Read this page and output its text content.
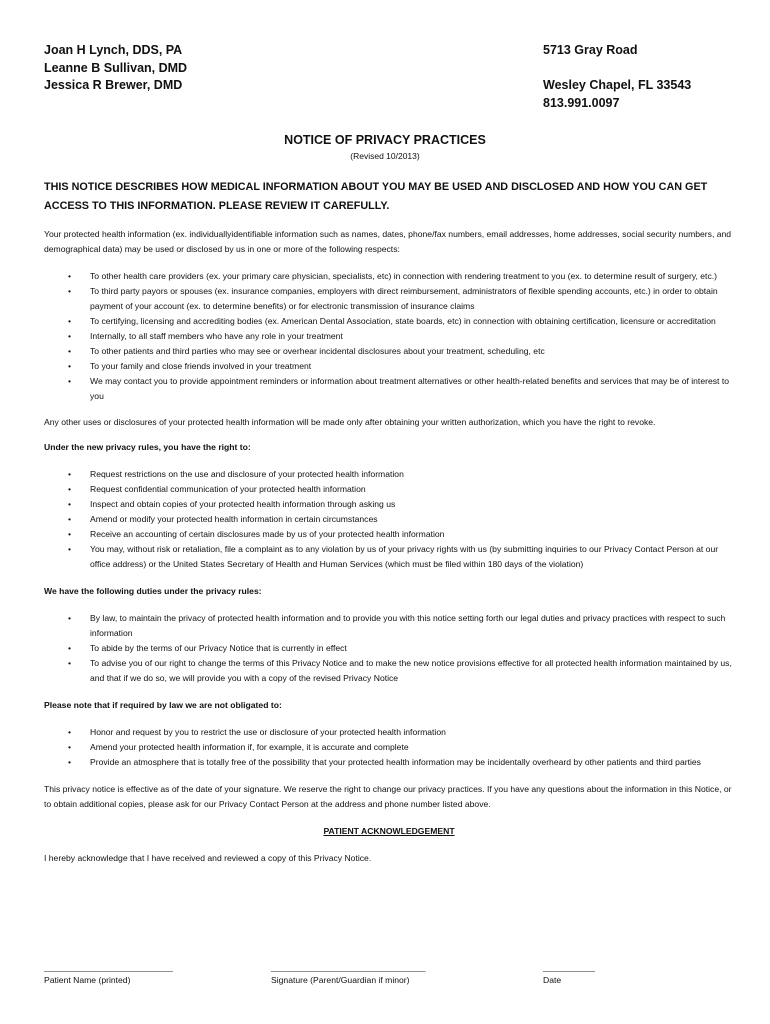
Joan H Lynch, DDS, PA
Leanne B Sullivan, DMD
Jessica R Brewer, DMD
5713 Gray Road
Wesley Chapel, FL 33543
813.991.0097
NOTICE OF PRIVACY PRACTICES
(Revised 10/2013)

THIS NOTICE DESCRIBES HOW MEDICAL INFORMATION ABOUT YOU MAY BE USED AND DISCLOSED AND HOW YOU CAN GET ACCESS TO THIS INFORMATION. PLEASE REVIEW IT CAREFULLY.

Your protected health information (ex. individuallyidentifiable information such as names, dates, phone/fax numbers, email addresses, home addresses, social security numbers, and demographical data) may be used or disclosed by us in one or more of the following respects:

• To other health care providers (ex. your primary care physician, specialists, etc) in connection with rendering treatment to you (ex. to determine result of surgery, etc.)
• To third party payors or spouses (ex. insurance companies, employers with direct reimbursement, administrators of flexible spending accounts, etc.) in order to obtain payment of your account (ex. to determine benefits) or for electronic transmission of insurance claims
• To certifying, licensing and accrediting bodies (ex. American Dental Association, state boards, etc) in connection with obtaining certification, licensure or accreditation
• Internally, to all staff members who have any role in your treatment
• To other patients and third parties who may see or overhear incidental disclosures about your treatment, scheduling, etc
• To your family and close friends involved in your treatment
• We may contact you to provide appointment reminders or information about treatment alternatives or other health-related benefits and services that may be of interest to you

Any other uses or disclosures of your protected health information will be made only after obtaining your written authorization, which you have the right to revoke.

Under the new privacy rules, you have the right to:

• Request restrictions on the use and disclosure of your protected health information
• Request confidential communication of your protected health information
• Inspect and obtain copies of your protected health information through asking us
• Amend or modify your protected health information in certain circumstances
• Receive an accounting of certain disclosures made by us of your protected health information
• You may, without risk or retaliation, file a complaint as to any violation by us of your privacy rights with us (by submitting inquiries to our Privacy Contact Person at our office address) or the United States Secretary of Health and Human Services (which must be filed within 180 days of the violation)

We have the following duties under the privacy rules:

• By law, to maintain the privacy of protected health information and to provide you with this notice setting forth our legal duties and privacy practices with respect to such information
• To abide by the terms of our Privacy Notice that is currently in effect
• To advise you of our right to change the terms of this Privacy Notice and to make the new notice provisions effective for all protected health information maintained by us, and that if we do so, we will provide you with a copy of the revised Privacy Notice

Please note that if required by law we are not obligated to:

• Honor and request by you to restrict the use or disclosure of your protected health information
• Amend your protected health information if, for example, it is accurate and complete
• Provide an atmosphere that is totally free of the possibility that your protected health information may be incidentally overheard by other patients and third parties

This privacy notice is effective as of the date of your signature. We reserve the right to change our privacy practices. If you have any questions about the information in this Notice, or to obtain additional copies, please ask for our Privacy Contact Person at the address and phone number listed above.

PATIENT ACKNOWLEDGEMENT

I hereby acknowledge that I have received and reviewed a copy of this Privacy Notice.

______________________________
Patient Name (printed)
____________________________________
Signature (Parent/Guardian if minor)
____________
Date
